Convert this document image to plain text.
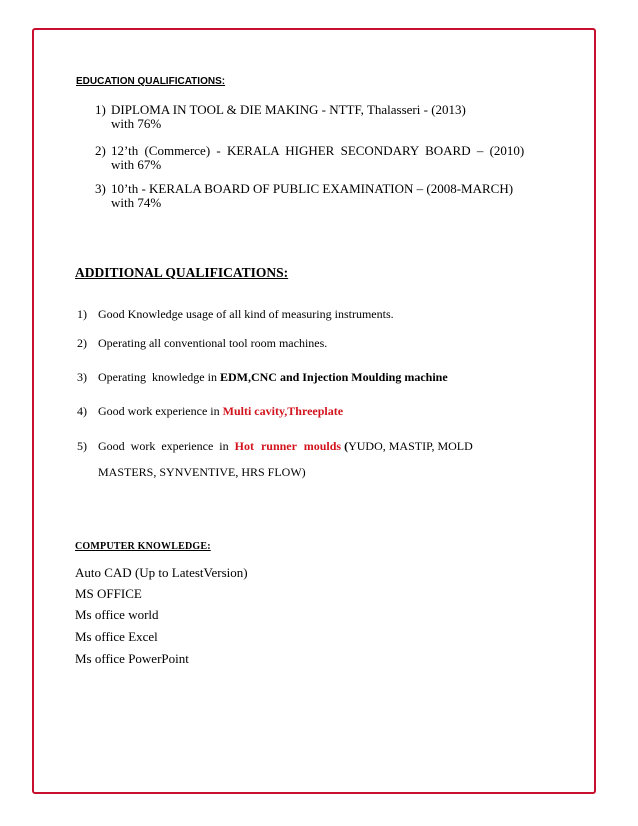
EDUCATION QUALIFICATIONS:
1) DIPLOMA IN TOOL & DIE MAKING - NTTF, Thalasseri - (2013)
with 76%
2) 12’th (Commerce) - KERALA HIGHER SECONDARY BOARD – (2010)
with 67%
3) 10’th - KERALA BOARD OF PUBLIC EXAMINATION – (2008-MARCH)
with 74%
ADDITIONAL QUALIFICATIONS:
1) Good Knowledge usage of all kind of measuring instruments.
2) Operating all conventional tool room machines.
3) Operating  knowledge in EDM,CNC and Injection Moulding machine
4) Good work experience in Multi cavity,Threeplate
5) Good work experience in Hot runner moulds (YUDO, MASTIP, MOLD
MASTERS, SYNVENTIVE, HRS FLOW)
COMPUTER KNOWLEDGE:
Auto CAD (Up to LatestVersion)
MS OFFICE
Ms office world
Ms office Excel
Ms office PowerPoint
